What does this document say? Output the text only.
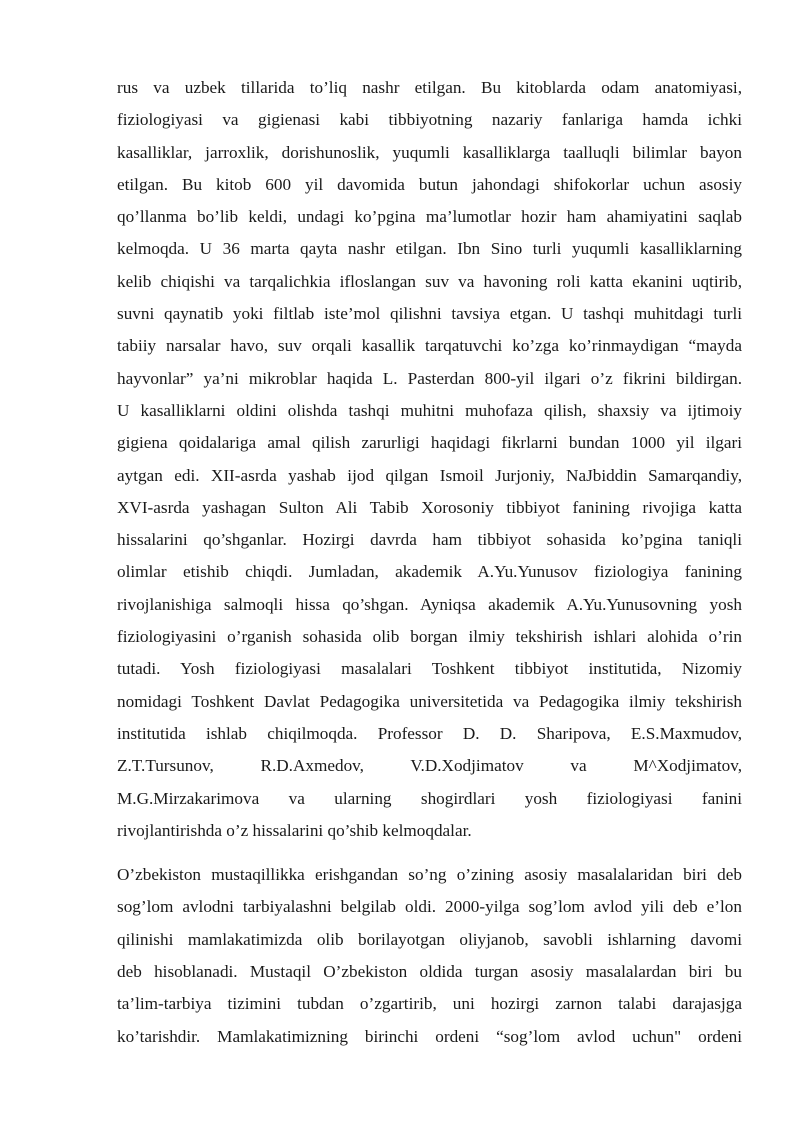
rus va uzbek tillarida to’liq nashr etilgan. Bu kitoblarda odam anatomiyasi,
fiziologiyasi va gigienasi kabi tibbiyotning nazariy fanlariga hamda ichki
kasalliklar, jarroxlik, dorishunoslik, yuqumli kasalliklarga taalluqli bilimlar bayon
etilgan. Bu kitob 600 yil davomida butun jahondagi shifokorlar uchun asosiy
qo’llanma bo’lib keldi, undagi ko’pgina ma’lumotlar hozir ham ahamiyatini saqlab
kelmoqda. U 36 marta qayta nashr etilgan. Ibn Sino turli yuqumli kasalliklarning
kelib chiqishi va tarqalichkia ifloslangan suv va havoning roli katta ekanini uqtirib,
suvni qaynatib yoki filtlab iste’mol qilishni tavsiya etgan. U tashqi muhitdagi turli
tabiiy narsalar havo, suv orqali kasallik tarqatuvchi ko’zga ko’rinmaydigan “mayda
hayvonlar” ya’ni mikroblar haqida L. Pasterdan 800-yil ilgari o’z fikrini bildirgan.
U kasalliklarni oldini olishda tashqi muhitni muhofaza qilish, shaxsiy va ijtimoiy
gigiena qoidalariga amal qilish zarurligi haqidagi fikrlarni bundan 1000 yil ilgari
aytgan edi. XII-asrda yashab ijod qilgan Ismoil Jurjoniy, NaJbiddin Samarqandiy,
XVI-asrda yashagan Sulton Ali Tabib Xorosoniy tibbiyot fanining rivojiga katta
hissalarini qo’shganlar. Hozirgi davrda ham tibbiyot sohasida ko’pgina taniqli
olimlar etishib chiqdi. Jumladan, akademik A.Yu.Yunusov fiziologiya fanining
rivojlanishiga salmoqli hissa qo’shgan. Ayniqsa akademik A.Yu.Yunusovning yosh
fiziologiyasini o’rganish sohasida olib borgan ilmiy tekshirish ishlari alohida o’rin
tutadi. Yosh fiziologiyasi masalalari Toshkent tibbiyot institutida, Nizomiy
nomidagi Toshkent Davlat Pedagogika universitetida va Pedagogika ilmiy tekshirish
institutida ishlab chiqilmoqda. Professor D. D. Sharipova, E.S.Maxmudov,
Z.T.Tursunov, R.D.Axmedov, V.D.Xodjimatov va M^Xodjimatov,
M.G.Mirzakarimova va ularning shogirdlari yosh fiziologiyasi fanini
rivojlantirishda o’z hissalarini qo’shib kelmoqdalar.

O’zbekiston mustaqillikka erishgandan so’ng o’zining asosiy masalalaridan biri deb
sog’lom avlodni tarbiyalashni belgilab oldi. 2000-yilga sog’lom avlod yili deb e’lon
qilinishi mamlakatimizda olib borilayotgan oliyjanob, savobli ishlarning davomi
deb hisoblanadi. Mustaqil O’zbekiston oldida turgan asosiy masalalardan biri bu
ta’lim-tarbiya tizimini tubdan o’zgartirib, uni hozirgi zarnon talabi darajasjga
ko’tarishdir. Mamlakatimizning birinchi ordeni “sog’lom avlod uchun" ordeni
